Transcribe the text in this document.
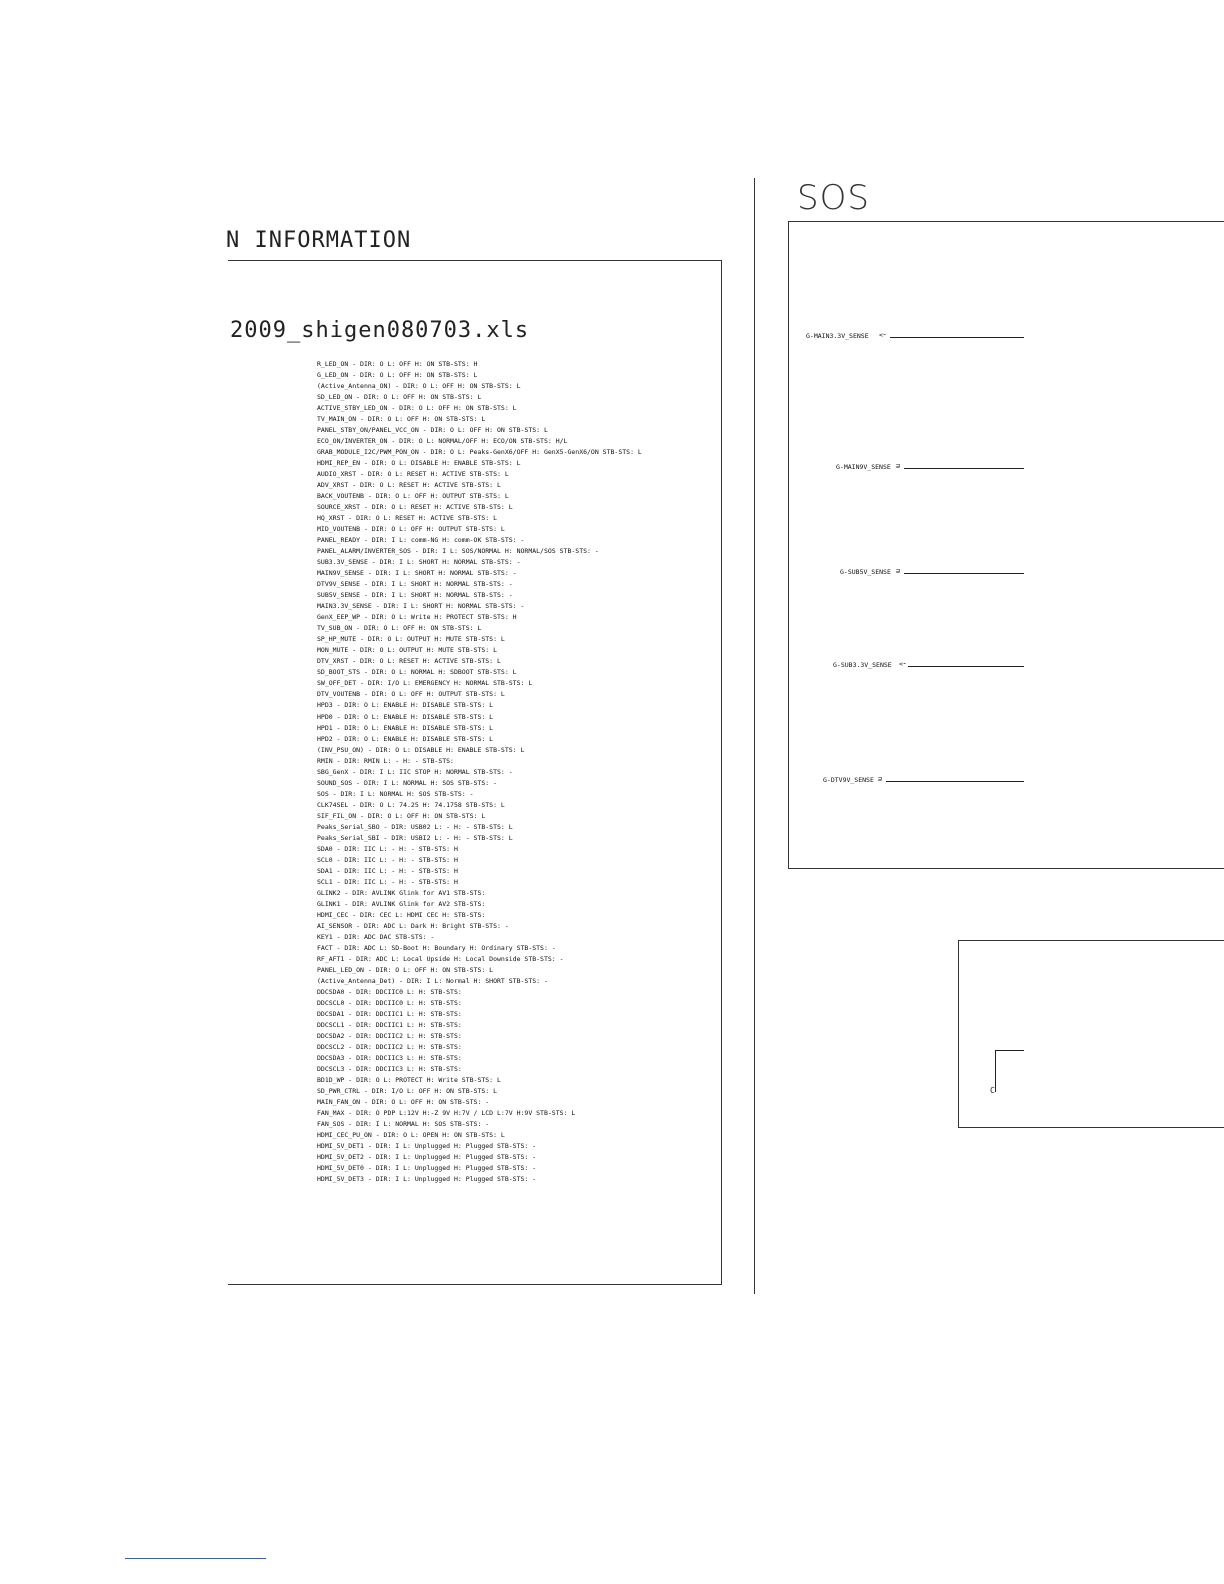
N INFORMATION
2009_shigen080703.xls
R_LED_ON - DIR: O L: OFF H: ON STB-STS: H
G_LED_ON - DIR: O L: OFF H: ON STB-STS: L
(Active_Antenna_ON) - DIR: O L: OFF H: ON STB-STS: L
SD_LED_ON - DIR: O L: OFF H: ON STB-STS: L
ACTIVE_STBY_LED_ON - DIR: O L: OFF H: ON STB-STS: L
TV_MAIN_ON - DIR: O L: OFF H: ON STB-STS: L
PANEL_STBY_ON/PANEL_VCC_ON - DIR: O L: OFF H: ON STB-STS: L
ECO_ON/INVERTER_ON - DIR: O L: NORMAL/OFF H: ECO/ON STB-STS: H/L
GRAB_MODULE_I2C/PWM_PON_ON - DIR: O L: Peaks-GenX6/OFF H: GenX5-GenX6/ON STB-STS: L
HDMI_REP_EN - DIR: O L: DISABLE H: ENABLE STB-STS: L
AUDIO_XRST - DIR: O L: RESET H: ACTIVE STB-STS: L
ADV_XRST - DIR: O L: RESET H: ACTIVE STB-STS: L
BACK_VOUTENB - DIR: O L: OFF H: OUTPUT STB-STS: L
SOURCE_XRST - DIR: O L: RESET H: ACTIVE STB-STS: L
HQ_XRST - DIR: O L: RESET H: ACTIVE STB-STS: L
MID_VOUTENB - DIR: O L: OFF H: OUTPUT STB-STS: L
PANEL_READY - DIR: I L: comm-NG H: comm-OK STB-STS: -
PANEL_ALARM/INVERTER_SOS - DIR: I L: SOS/NORMAL H: NORMAL/SOS STB-STS: -
SUB3.3V_SENSE - DIR: I L: SHORT H: NORMAL STB-STS: -
MAIN9V_SENSE - DIR: I L: SHORT H: NORMAL STB-STS: -
DTV9V_SENSE - DIR: I L: SHORT H: NORMAL STB-STS: -
SUB5V_SENSE - DIR: I L: SHORT H: NORMAL STB-STS: -
MAIN3.3V_SENSE - DIR: I L: SHORT H: NORMAL STB-STS: -
GenX_EEP_WP - DIR: O L: Write H: PROTECT STB-STS: H
TV_SUB_ON - DIR: O L: OFF H: ON STB-STS: L
SP_HP_MUTE - DIR: O L: OUTPUT H: MUTE STB-STS: L
MON_MUTE - DIR: O L: OUTPUT H: MUTE STB-STS: L
DTV_XRST - DIR: O L: RESET H: ACTIVE STB-STS: L
SD_BOOT_STS - DIR: O L: NORMAL H: SDBOOT STB-STS: L
SW_OFF_DET - DIR: I/O L: EMERGENCY H: NORMAL STB-STS: L
DTV_VOUTENB - DIR: O L: OFF H: OUTPUT STB-STS: L
HPD3 - DIR: O L: ENABLE H: DISABLE STB-STS: L
HPD0 - DIR: O L: ENABLE H: DISABLE STB-STS: L
HPD1 - DIR: O L: ENABLE H: DISABLE STB-STS: L
HPD2 - DIR: O L: ENABLE H: DISABLE STB-STS: L
(INV_PSU_ON) - DIR: O L: DISABLE H: ENABLE STB-STS: L
RMIN - DIR: RMIN L: - H: - STB-STS:
SBG_GenX - DIR: I L: IIC STOP H: NORMAL STB-STS: -
SOUND_SOS - DIR: I L: NORMAL H: SOS STB-STS: -
SOS - DIR: I L: NORMAL H: SOS STB-STS: -
CLK74SEL - DIR: O L: 74.25 H: 74.1758 STB-STS: L
SIF_FIL_ON - DIR: O L: OFF H: ON STB-STS: L
Peaks_Serial_SBO - DIR: USB02 L: - H: - STB-STS: L
Peaks_Serial_SBI - DIR: USBI2 L: - H: - STB-STS: L
SDA0 - DIR: IIC L: - H: - STB-STS: H
SCL0 - DIR: IIC L: - H: - STB-STS: H
SDA1 - DIR: IIC L: - H: - STB-STS: H
SCL1 - DIR: IIC L: - H: - STB-STS: H
GLINK2 - DIR: AVLINK Glink for AV1 STB-STS:
GLINK1 - DIR: AVLINK Glink for AV2 STB-STS:
HDMI_CEC - DIR: CEC L: HDMI CEC H: STB-STS:
AI_SENSOR - DIR: ADC L: Dark H: Bright STB-STS: -
KEY1 - DIR: ADC DAC STB-STS: -
FACT - DIR: ADC L: SD-Boot H: Boundary H: Ordinary STB-STS: -
RF_AFT1 - DIR: ADC L: Local Upside H: Local Downside STB-STS: -
PANEL_LED_ON - DIR: O L: OFF H: ON STB-STS: L
(Active_Antenna_Det) - DIR: I L: Normal H: SHORT STB-STS: -
DDCSDA0 - DIR: DDCIIC0 L: H: STB-STS:
DDCSCL0 - DIR: DDCIIC0 L: H: STB-STS:
DDCSDA1 - DIR: DDCIIC1 L: H: STB-STS:
DDCSCL1 - DIR: DDCIIC1 L: H: STB-STS:
DDCSDA2 - DIR: DDCIIC2 L: H: STB-STS:
DDCSCL2 - DIR: DDCIIC2 L: H: STB-STS:
DDCSDA3 - DIR: DDCIIC3 L: H: STB-STS:
DDCSCL3 - DIR: DDCIIC3 L: H: STB-STS:
BD1D_WP - DIR: O L: PROTECT H: Write STB-STS: L
SD_PWR_CTRL - DIR: I/O L: OFF H: ON STB-STS: L
MAIN_FAN_ON - DIR: O L: OFF H: ON STB-STS: -
FAN_MAX - DIR: O PDP L:12V H:-Z 9V H:7V / LCD L:7V H:9V STB-STS: L
FAN_SOS - DIR: I L: NORMAL H: SOS STB-STS: -
HDMI_CEC_PU_ON - DIR: O L: OPEN H: ON STB-STS: L
HDMI_5V_DET1 - DIR: I L: Unplugged H: Plugged STB-STS: -
HDMI_5V_DET2 - DIR: I L: Unplugged H: Plugged STB-STS: -
HDMI_5V_DET0 - DIR: I L: Unplugged H: Plugged STB-STS: -
HDMI_5V_DET3 - DIR: I L: Unplugged H: Plugged STB-STS: -
SOS
G-MAIN3.3V_SENSE <⁃
G-MAIN9V_SENSE ⊒
G-SUB5V_SENSE ⊒
G-SUB3.3V_SENSE <⁃
G-DTV9V_SENSE ⊒
C
